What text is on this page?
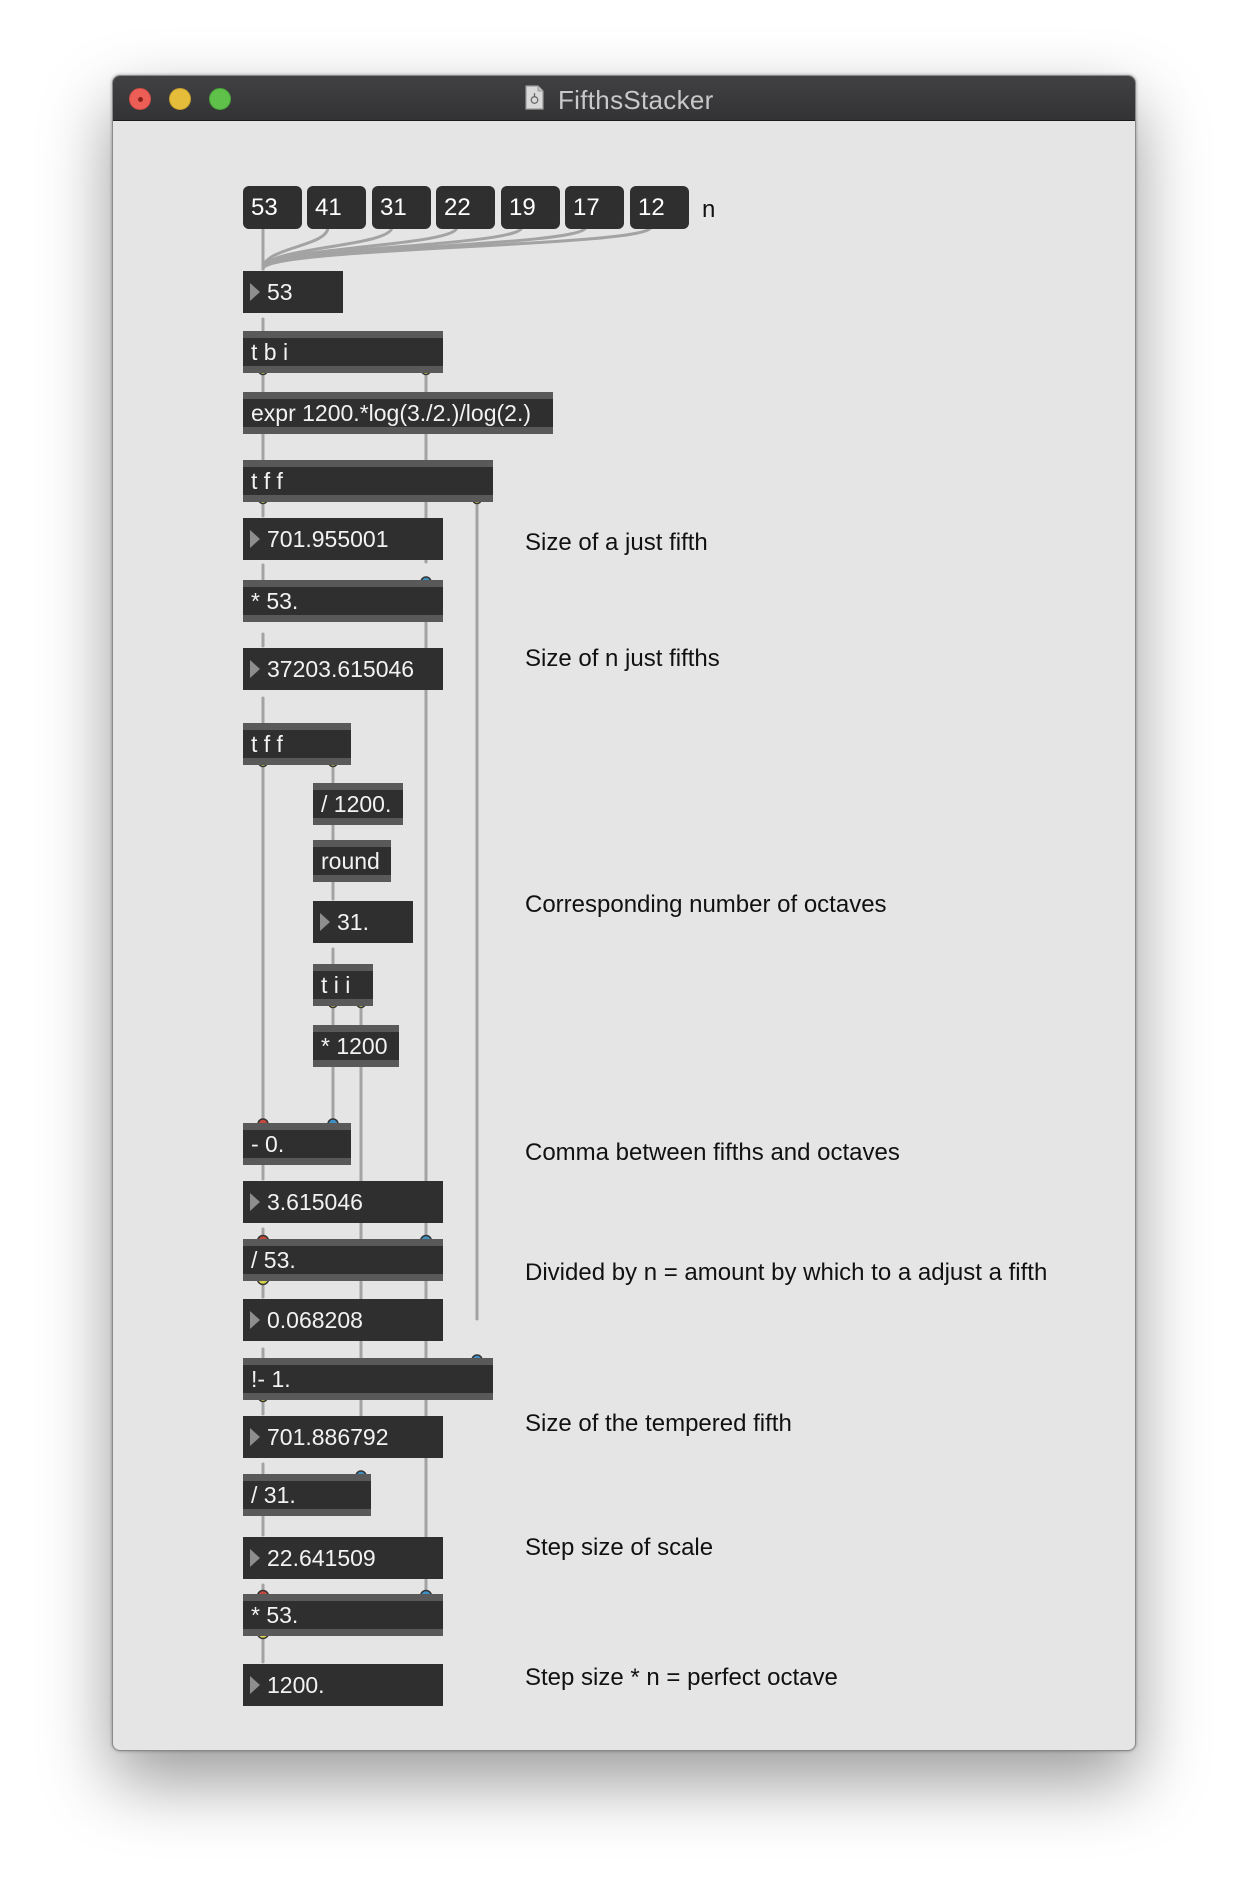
FifthsStacker
53	41	31	22	19	17	12	n
53
t b i
expr 1200.*log(3./2.)/log(2.)
t f f
701.955001
* 53.
37203.615046
t f f
/ 1200.
round
31.
t i i
* 1200
- 0.
3.615046
/ 53.
0.068208
!- 1.
701.886792
/ 31.
22.641509
* 53.
1200.
Size of a just fifth
Size of n just fifths
Corresponding number of octaves
Comma between fifths and octaves
Divided by n = amount by which to a adjust a fifth
Size of the tempered fifth
Step size of scale
Step size * n = perfect octave
